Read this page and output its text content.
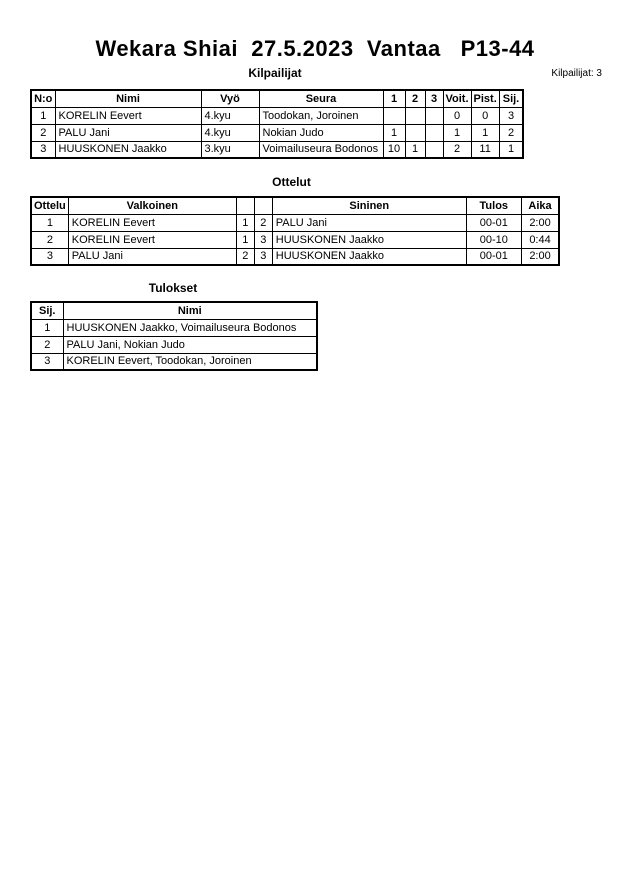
Wekara Shiai  27.5.2023  Vantaa   P13-44
Kilpailijat	Kilpailijat: 3
N:o	Nimi	Vyö	Seura	1	2	3	Voit.	Pist.	Sij.
1	KORELIN Eevert	4.kyu	Toodokan, Joroinen				0	0	3
2	PALU Jani	4.kyu	Nokian Judo	1			1	1	2
3	HUUSKONEN Jaakko	3.kyu	Voimailuseura Bodonos	10	1		2	11	1
Ottelut
Ottelu	Valkoinen			Sininen	Tulos	Aika
1	KORELIN Eevert	1	2	PALU Jani	00-01	2:00
2	KORELIN Eevert	1	3	HUUSKONEN Jaakko	00-10	0:44
3	PALU Jani	2	3	HUUSKONEN Jaakko	00-01	2:00
Tulokset
Sij.	Nimi
1	HUUSKONEN Jaakko, Voimailuseura Bodonos
2	PALU Jani, Nokian Judo
3	KORELIN Eevert, Toodokan, Joroinen
